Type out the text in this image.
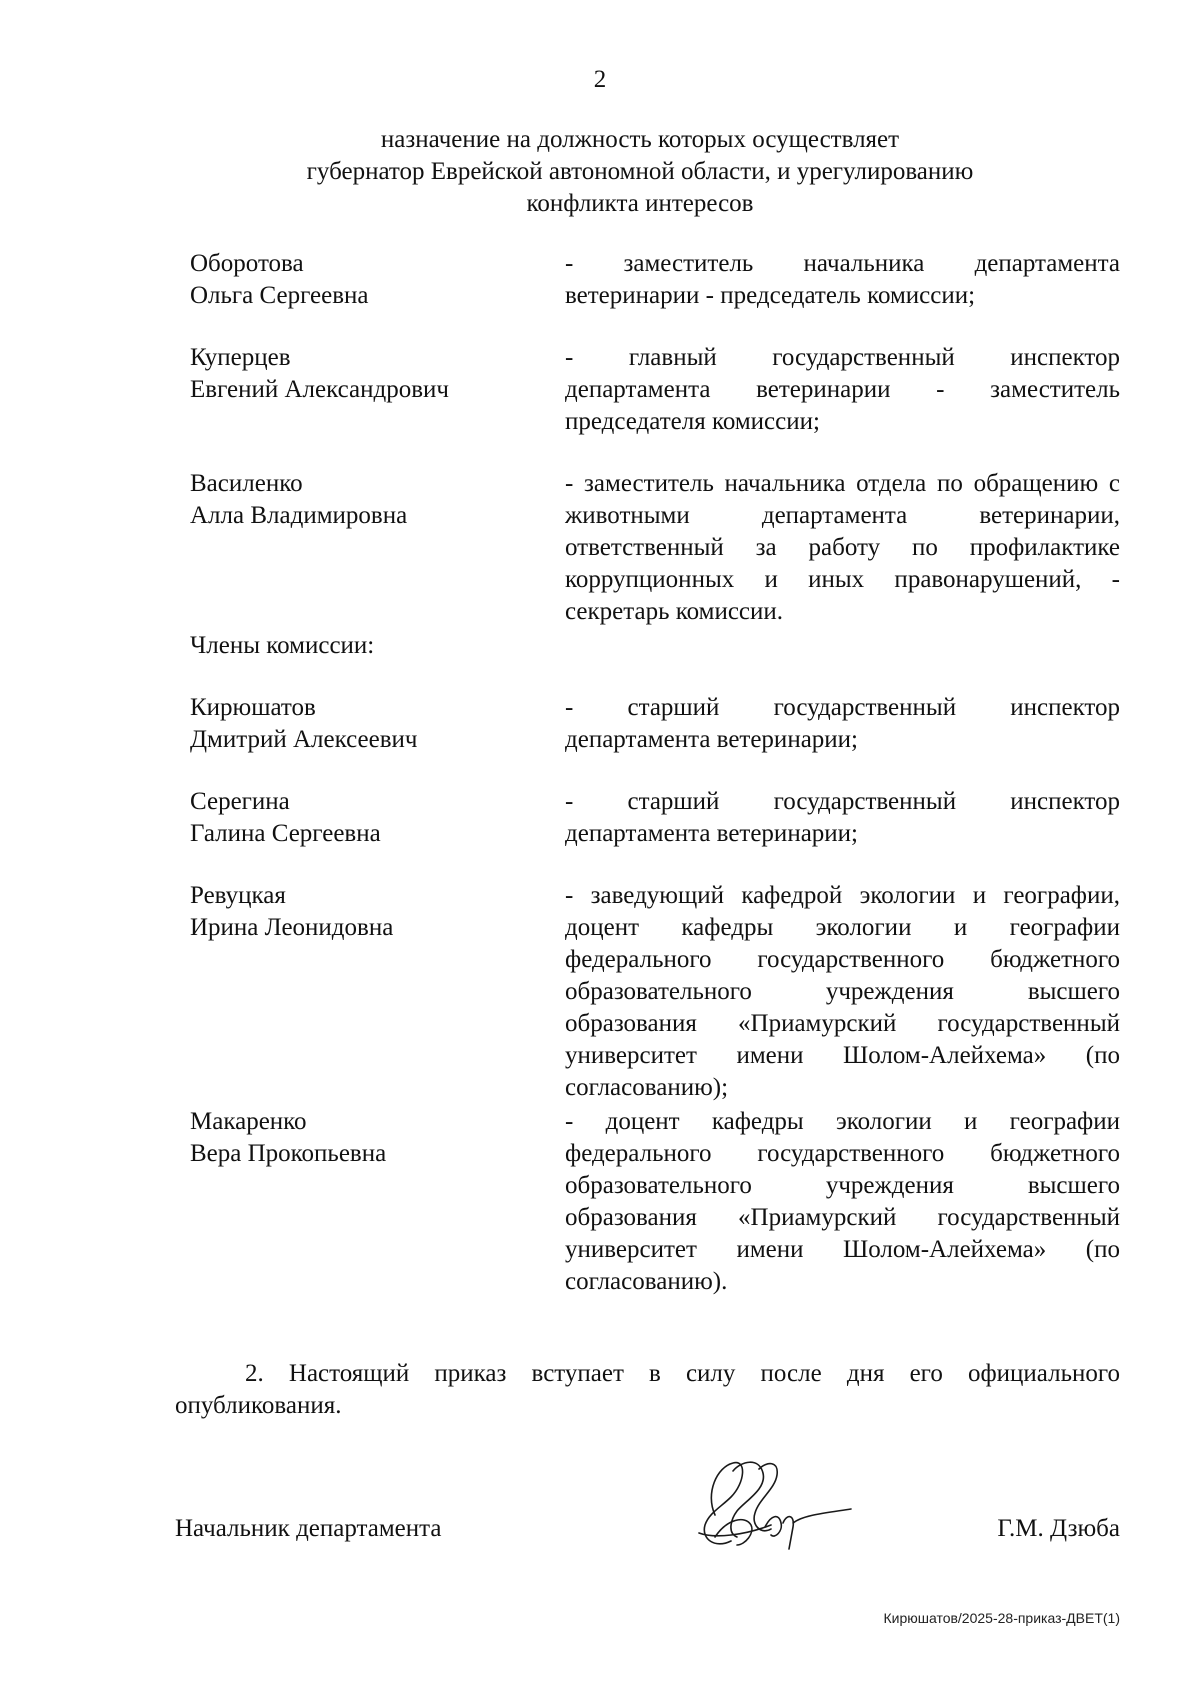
2
назначение на должность которых осуществляет
губернатор Еврейской автономной области, и урегулированию
конфликта интересов
Оборотова
Ольга Сергеевна
- заместитель начальника департамента ветеринарии - председатель комиссии;
Куперцев
Евгений Александрович
- главный государственный инспектор департамента ветеринарии - заместитель председателя комиссии;
Василенко
Алла Владимировна
- заместитель начальника отдела по обращению с животными департамента ветеринарии, ответственный за работу по профилактике коррупционных и иных правонарушений, - секретарь комиссии.
Члены комиссии:
Кирюшатов
Дмитрий Алексеевич
- старший государственный инспектор департамента ветеринарии;
Серегина
Галина Сергеевна
- старший государственный инспектор департамента ветеринарии;
Ревуцкая
Ирина Леонидовна
- заведующий кафедрой экологии и географии, доцент кафедры экологии и географии федерального государственного бюджетного образовательного учреждения высшего образования «Приамурский государственный университет имени Шолом-Алейхема» (по согласованию);
Макаренко
Вера Прокопьевна
- доцент кафедры экологии и географии федерального государственного бюджетного образовательного учреждения высшего образования «Приамурский государственный университет имени Шолом-Алейхема» (по согласованию).
2. Настоящий приказ вступает в силу после дня его официального опубликования.
Начальник департамента	Г.М. Дзюба
Кирюшатов/2025-28-приказ-ДВЕТ(1)
